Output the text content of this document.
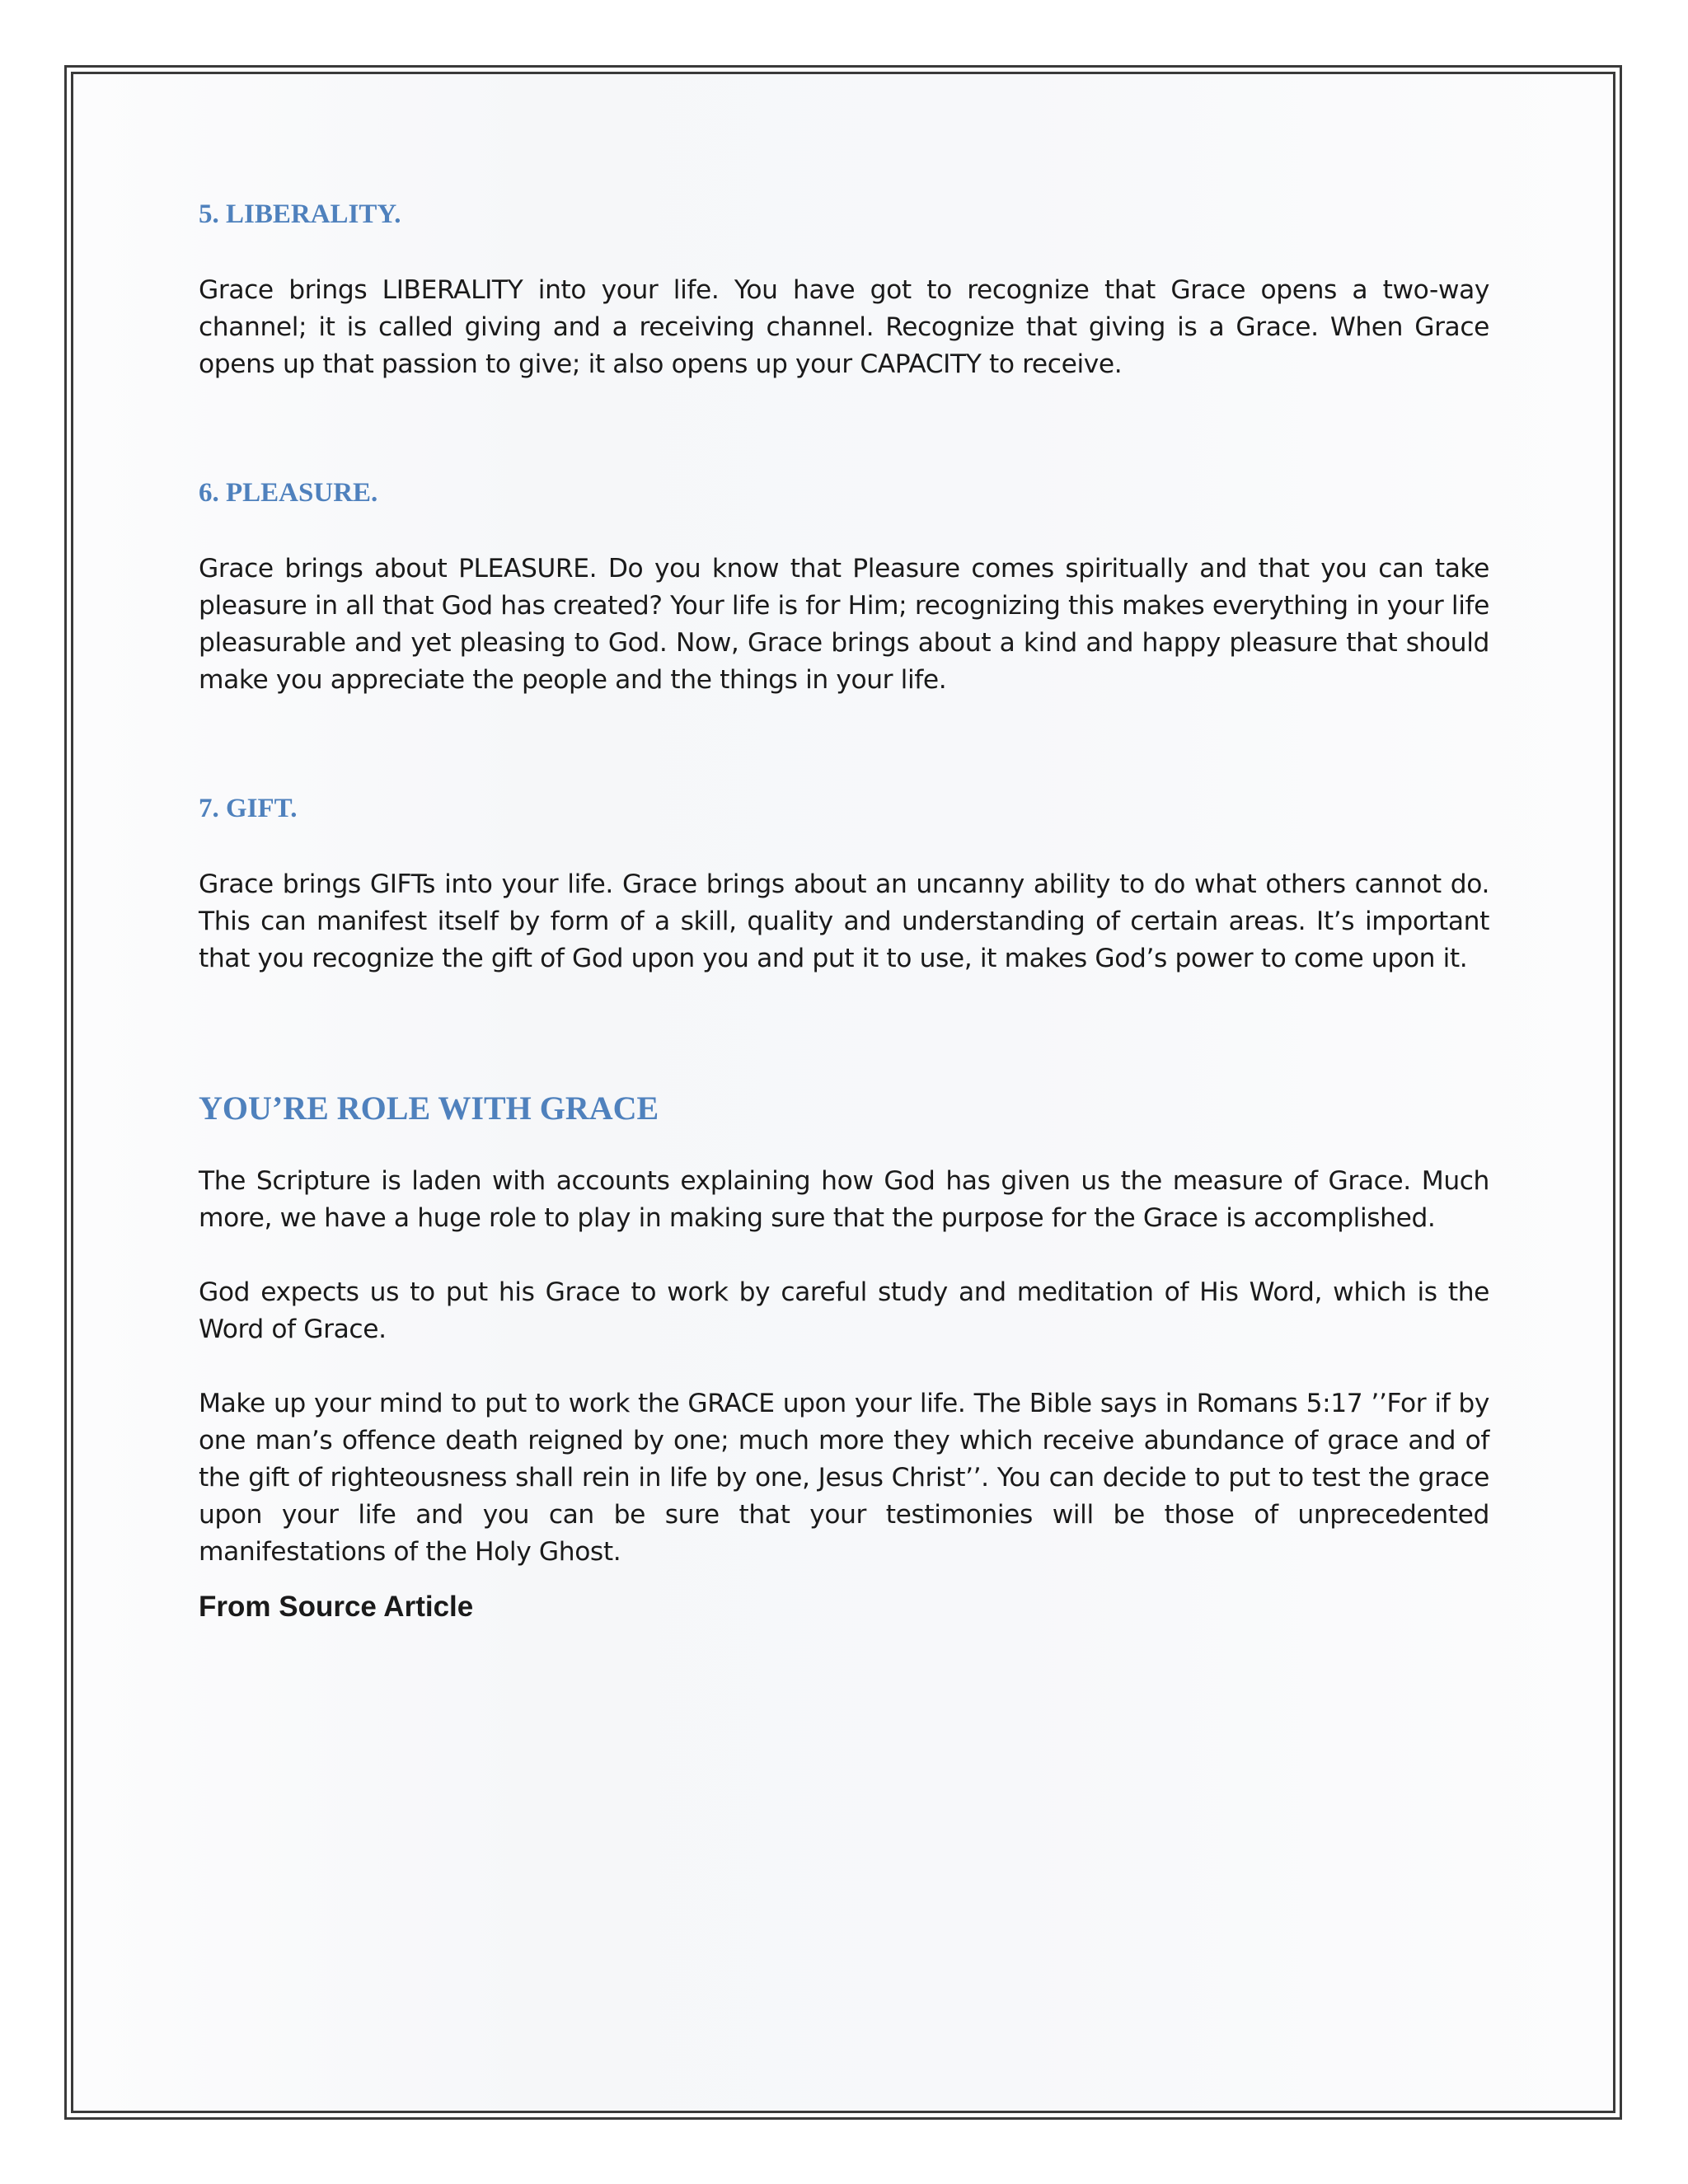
5. LIBERALITY.

Grace brings LIBERALITY into your life. You have got to recognize that Grace opens a two-way channel; it is called giving and a receiving channel. Recognize that giving is a Grace. When Grace opens up that passion to give; it also opens up your CAPACITY to receive.

6. PLEASURE.

Grace brings about PLEASURE. Do you know that Pleasure comes spiritually and that you can take pleasure in all that God has created? Your life is for Him; recognizing this makes everything in your life pleasurable and yet pleasing to God. Now, Grace brings about a kind and happy pleasure that should make you appreciate the people and the things in your life.

7. GIFT.

Grace brings GIFTs into your life. Grace brings about an uncanny ability to do what others cannot do. This can manifest itself by form of a skill, quality and understanding of certain areas. It’s important that you recognize the gift of God upon you and put it to use, it makes God’s power to come upon it.

YOU’RE ROLE WITH GRACE

The Scripture is laden with accounts explaining how God has given us the measure of Grace. Much more, we have a huge role to play in making sure that the purpose for the Grace is accomplished.

God expects us to put his Grace to work by careful study and meditation of His Word, which is the Word of Grace.

Make up your mind to put to work the GRACE upon your life. The Bible says in Romans 5:17 ’’For if by one man’s offence death reigned by one; much more they which receive abundance of grace and of the gift of righteousness shall rein in life by one, Jesus Christ’’. You can decide to put to test the grace upon your life and you can be sure that your testimonies will be those of unprecedented manifestations of the Holy Ghost.

From Source Article
